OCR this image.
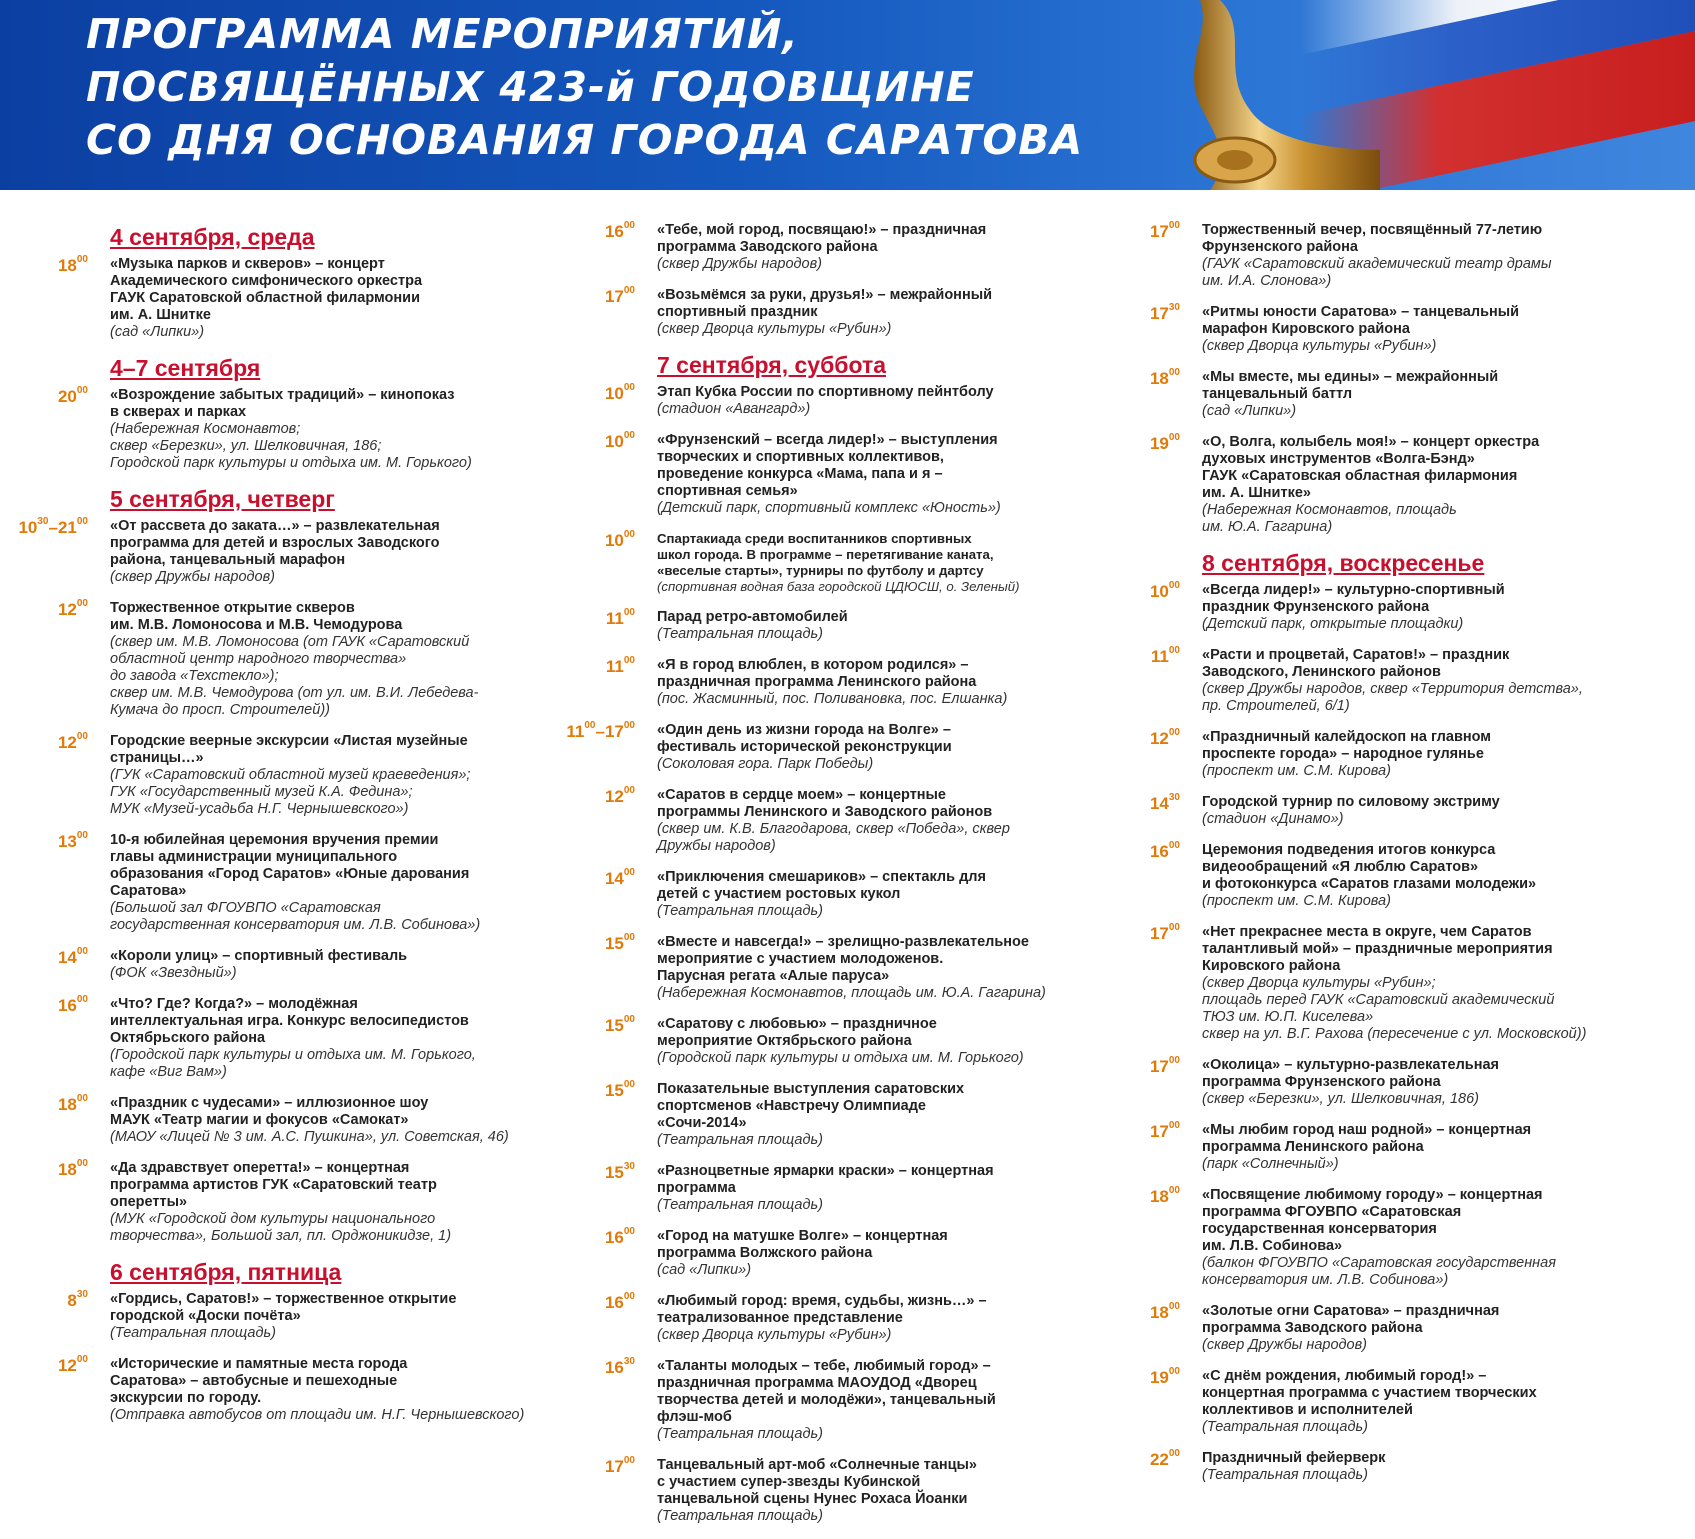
ПРОГРАММА МЕРОПРИЯТИЙ,
ПОСВЯЩЁННЫХ 423-й ГОДОВЩИНЕ
СО ДНЯ ОСНОВАНИЯ ГОРОДА САРАТОВА
4 сентября, среда
$18^{00}$ «Музыка парков и скверов» – концерт
Академического симфонического оркестра
ГАУК Саратовской областной филармонии
им. А. Шнитке
(сад «Липки»)
4–7 сентября
$20^{00}$ «Возрождение забытых традиций» – кинопоказ
в скверах и парках
(Набережная Космонавтов;
сквер «Березки», ул. Шелковичная, 186;
Городской парк культуры и отдыха им. М. Горького)
5 сентября, четверг
$10^{30}-21^{00}$ «От рассвета до заката…» – развлекательная
программа для детей и взрослых Заводского
района, танцевальный марафон
(сквер Дружбы народов)
$12^{00}$ Торжественное открытие скверов
им. М.В. Ломоносова и М.В. Чемодурова
(сквер им. М.В. Ломоносова (от ГАУК «Саратовский
областной центр народного творчества»
до завода «Техстекло»);
сквер им. М.В. Чемодурова (от ул. им. В.И. Лебедева-
Кумача до просп. Строителей))
$12^{00}$ Городские веерные экскурсии «Листая музейные
страницы…»
(ГУК «Саратовский областной музей краеведения»;
ГУК «Государственный музей К.А. Федина»;
МУК «Музей-усадьба Н.Г. Чернышевского»)
$13^{00}$ 10-я юбилейная церемония вручения премии
главы администрации муниципального
образования «Город Саратов» «Юные дарования
Саратова»
(Большой зал ФГОУВПО «Саратовская
государственная консерватория им. Л.В. Собинова»)
$14^{00}$ «Короли улиц» – спортивный фестиваль
(ФОК «Звездный»)
$16^{00}$ «Что? Где? Когда?» – молодёжная
интеллектуальная игра. Конкурс велосипедистов
Октябрьского района
(Городской парк культуры и отдыха им. М. Горького,
кафе «Виг Вам»)
$18^{00}$ «Праздник с чудесами» – иллюзионное шоу
МАУК «Театр магии и фокусов «Самокат»
(МАОУ «Лицей № 3 им. А.С. Пушкина», ул. Советская, 46)
$18^{00}$ «Да здравствует оперетта!» – концертная
программа артистов ГУК «Саратовский театр
оперетты»
(МУК «Городской дом культуры национального
творчества», Большой зал, пл. Орджоникидзе, 1)
6 сентября, пятница
$8^{30}$ «Гордись, Саратов!» – торжественное открытие
городской «Доски почёта»
(Театральная площадь)
$12^{00}$ «Исторические и памятные места города
Саратова» – автобусные и пешеходные
экскурсии по городу.
(Отправка автобусов от площади им. Н.Г. Чернышевского)
$16^{00}$ «Тебе, мой город, посвящаю!» – праздничная
программа Заводского района
(сквер Дружбы народов)
$17^{00}$ «Возьмёмся за руки, друзья!» – межрайонный
спортивный праздник
(сквер Дворца культуры «Рубин»)
7 сентября, суббота
$10^{00}$ Этап Кубка России по спортивному пейнтболу
(стадион «Авангард»)
$10^{00}$ «Фрунзенский – всегда лидер!» – выступления
творческих и спортивных коллективов,
проведение конкурса «Мама, папа и я –
спортивная семья»
(Детский парк, спортивный комплекс «Юность»)
$10^{00}$ Спартакиада среди воспитанников спортивных
школ города. В программе – перетягивание каната,
«веселые старты», турниры по футболу и дартсу
(спортивная водная база городской ЦДЮСШ, о. Зеленый)
$11^{00}$ Парад ретро-автомобилей
(Театральная площадь)
$11^{00}$ «Я в город влюблен, в котором родился» –
праздничная программа Ленинского района
(пос. Жасминный, пос. Поливановка, пос. Елшанка)
$11^{00}-17^{00}$ «Один день из жизни города на Волге» –
фестиваль исторической реконструкции
(Соколовая гора. Парк Победы)
$12^{00}$ «Саратов в сердце моем» – концертные
программы Ленинского и Заводского районов
(сквер им. К.В. Благодарова, сквер «Победа», сквер
Дружбы народов)
$14^{00}$ «Приключения смешариков» – спектакль для
детей с участием ростовых кукол
(Театральная площадь)
$15^{00}$ «Вместе и навсегда!» – зрелищно-развлекательное
мероприятие с участием молодоженов.
Парусная регата «Алые паруса»
(Набережная Космонавтов, площадь им. Ю.А. Гагарина)
$15^{00}$ «Саратову с любовью» – праздничное
мероприятие Октябрьского района
(Городской парк культуры и отдыха им. М. Горького)
$15^{00}$ Показательные выступления саратовских
спортсменов «Навстречу Олимпиаде
«Сочи-2014»
(Театральная площадь)
$15^{30}$ «Разноцветные ярмарки краски» – концертная
программа
(Театральная площадь)
$16^{00}$ «Город на матушке Волге» – концертная
программа Волжского района
(сад «Липки»)
$16^{00}$ «Любимый город: время, судьбы, жизнь…» –
театрализованное представление
(сквер Дворца культуры «Рубин»)
$16^{30}$ «Таланты молодых – тебе, любимый город» –
праздничная программа МАОУДОД «Дворец
творчества детей и молодёжи», танцевальный
флэш-моб
(Театральная площадь)
$17^{00}$ Танцевальный арт-моб «Солнечные танцы»
с участием супер-звезды Кубинской
танцевальной сцены Нунес Рохаса Йоанки
(Театральная площадь)
$17^{00}$ Торжественный вечер, посвящённый 77-летию
Фрунзенского района
(ГАУК «Саратовский академический театр драмы
им. И.А. Слонова»)
$17^{30}$ «Ритмы юности Саратова» – танцевальный
марафон Кировского района
(сквер Дворца культуры «Рубин»)
$18^{00}$ «Мы вместе, мы едины» – межрайонный
танцевальный баттл
(сад «Липки»)
$19^{00}$ «О, Волга, колыбель моя!» – концерт оркестра
духовых инструментов «Волга-Бэнд»
ГАУК «Саратовская областная филармония
им. А. Шнитке»
(Набережная Космонавтов, площадь
им. Ю.А. Гагарина)
8 сентября, воскресенье
$10^{00}$ «Всегда лидер!» – культурно-спортивный
праздник Фрунзенского района
(Детский парк, открытые площадки)
$11^{00}$ «Расти и процветай, Саратов!» – праздник
Заводского, Ленинского районов
(сквер Дружбы народов, сквер «Территория детства»,
пр. Строителей, 6/1)
$12^{00}$ «Праздничный калейдоскоп на главном
проспекте города» – народное гулянье
(проспект им. С.М. Кирова)
$14^{30}$ Городской турнир по силовому экстриму
(стадион «Динамо»)
$16^{00}$ Церемония подведения итогов конкурса
видеообращений «Я люблю Саратов»
и фотоконкурса «Саратов глазами молодежи»
(проспект им. С.М. Кирова)
$17^{00}$ «Нет прекраснее места в округе, чем Саратов
талантливый мой» – праздничные мероприятия
Кировского района
(сквер Дворца культуры «Рубин»;
площадь перед ГАУК «Саратовский академический
ТЮЗ им. Ю.П. Киселева»
сквер на ул. В.Г. Рахова (пересечение с ул. Московской))
$17^{00}$ «Околица» – культурно-развлекательная
программа Фрунзенского района
(сквер «Березки», ул. Шелковичная, 186)
$17^{00}$ «Мы любим город наш родной» – концертная
программа Ленинского района
(парк «Солнечный»)
$18^{00}$ «Посвящение любимому городу» – концертная
программа ФГОУВПО «Саратовская
государственная консерватория
им. Л.В. Собинова»
(балкон ФГОУВПО «Саратовская государственная
консерватория им. Л.В. Собинова»)
$18^{00}$ «Золотые огни Саратова» – праздничная
программа Заводского района
(сквер Дружбы народов)
$19^{00}$ «С днём рождения, любимый город!» –
концертная программа с участием творческих
коллективов и исполнителей
(Театральная площадь)
$22^{00}$ Праздничный фейерверк
(Театральная площадь)
